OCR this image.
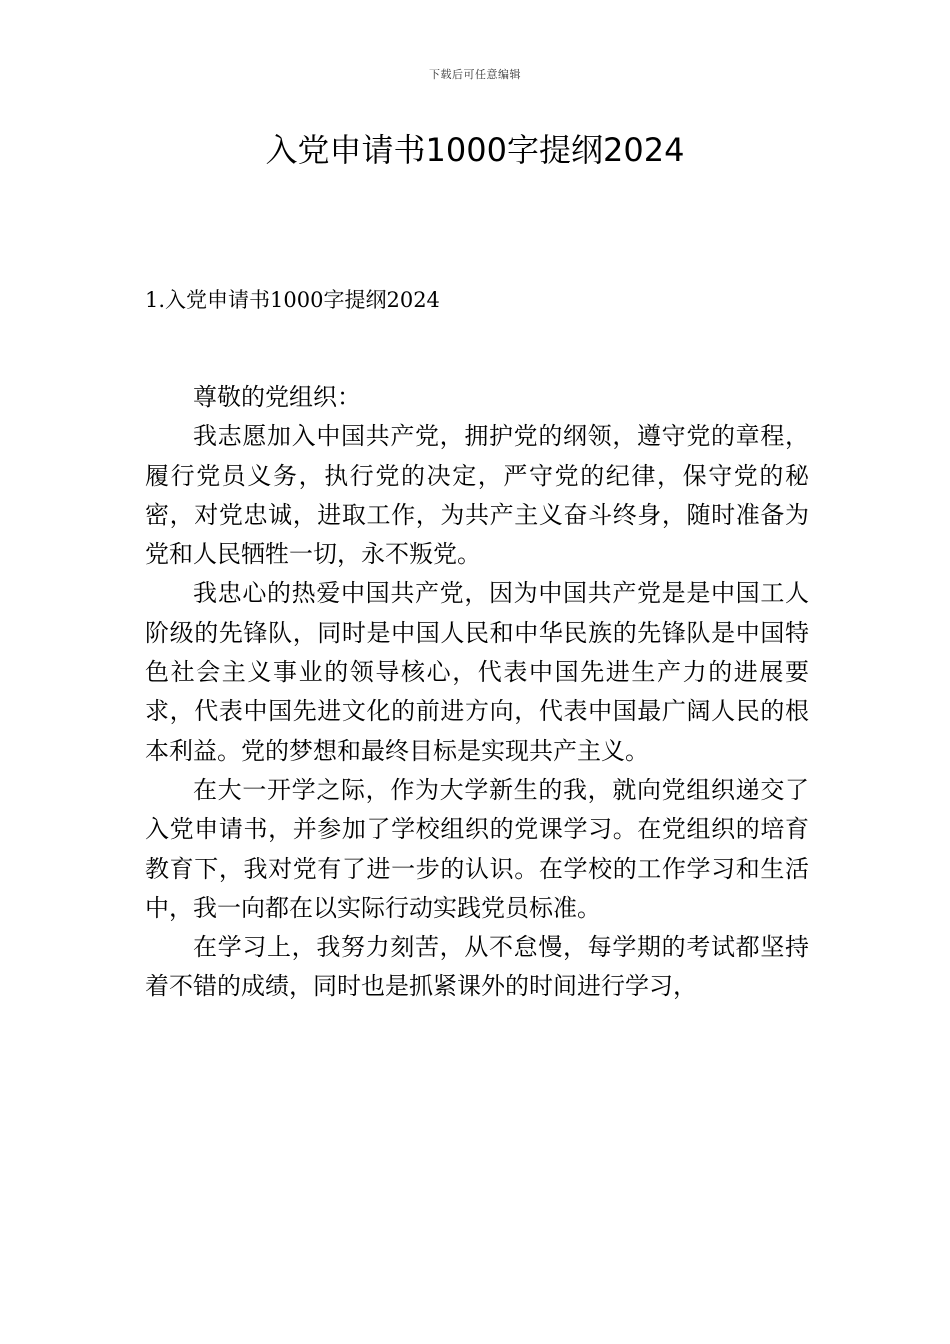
下载后可任意编辑
入党申请书1000字提纲2024
1.入党申请书1000字提纲2024

尊敬的党组织：

我志愿加入中国共产党，拥护党的纲领，遵守党的章程，履行党员义务，执行党的决定，严守党的纪律，保守党的秘密，对党忠诚，进取工作，为共产主义奋斗终身，随时准备为党和人民牺牲一切，永不叛党。

我忠心的热爱中国共产党，因为中国共产党是是中国工人阶级的先锋队，同时是中国人民和中华民族的先锋队是中国特色社会主义事业的领导核心，代表中国先进生产力的进展要求，代表中国先进文化的前进方向，代表中国最广阔人民的根本利益。党的梦想和最终目标是实现共产主义。

在大一开学之际，作为大学新生的我，就向党组织递交了入党申请书，并参加了学校组织的党课学习。在党组织的培育教育下，我对党有了进一步的认识。在学校的工作学习和生活中，我一向都在以实际行动实践党员标准。

在学习上，我努力刻苦，从不怠慢，每学期的考试都坚持着不错的成绩，同时也是抓紧课外的时间进行学习，
